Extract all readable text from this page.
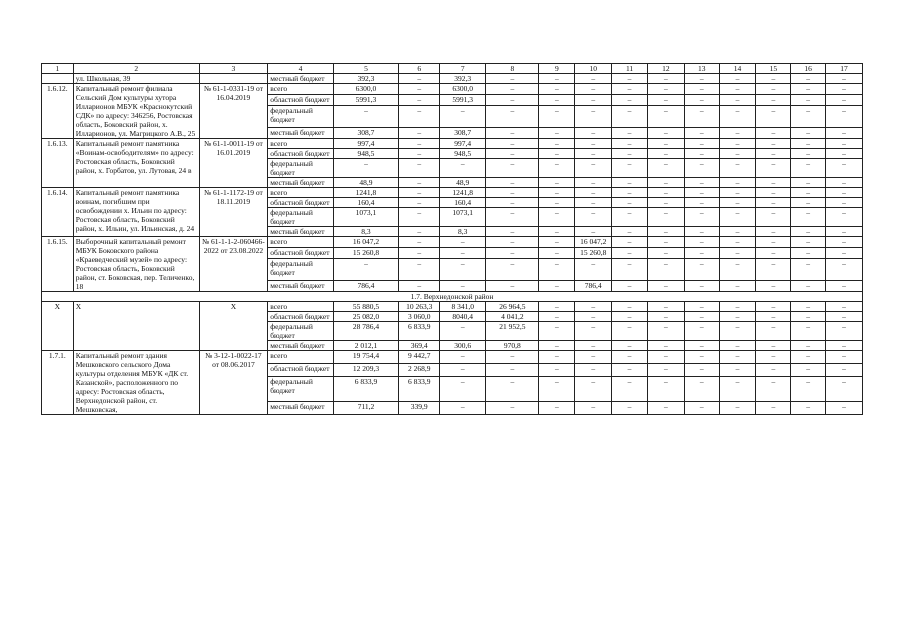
1	2	3	4	5	6	7	8	9	10	11	12	13	14	15	16	17
	ул. Школьная, 39		местный бюджет	392,3	–	392,3	–	–	–	–	–	–	–	–	–	–
1.6.12.	Капитальный ремонт филиала Сельский Дом культуры хутора Илларионов МБУК «Краснокутский СДК» по адресу: 346256, Ростовская область, Боковский район, х. Илларионов, ул. Магрицкого А.В., 25	№ 61-1-0331-19 от 16.04.2019	всего	6300,0	–	6300,0	–	–	–	–	–	–	–	–	–	–
			областной бюджет	5991,3	–	5991,3	–	–	–	–	–	–	–	–	–	–
			федеральный бюджет	–	–	–	–	–	–	–	–	–	–	–	–	–
			местный бюджет	308,7	–	308,7	–	–	–	–	–	–	–	–	–	–
1.6.13.	Капитальный ремонт памятника «Воинам-освободителям» по адресу: Ростовская область, Боковский район, х. Горбатов, ул. Лутовая, 24 в	№ 61-1-0011-19 от 16.01.2019	всего	997,4	–	997,4	–	–	–	–	–	–	–	–	–	–
			областной бюджет	948,5	–	948,5	–	–	–	–	–	–	–	–	–	–
			федеральный бюджет	–	–	–	–	–	–	–	–	–	–	–	–	–
			местный бюджет	48,9	–	48,9	–	–	–	–	–	–	–	–	–	–
1.6.14.	Капитальный ремонт памятника воинам, погибшим при освобождении х. Ильин по адресу: Ростовская область, Боковский район, х. Ильин, ул. Ильинская, д. 24	№ 61-1-1172-19 от 18.11.2019	всего	1241,8	–	1241,8	–	–	–	–	–	–	–	–	–	–
			областной бюджет	160,4	–	160,4	–	–	–	–	–	–	–	–	–	–
			федеральный бюджет	1073,1	–	1073,1	–	–	–	–	–	–	–	–	–	–
			местный бюджет	8,3	–	8,3	–	–	–	–	–	–	–	–	–	–
1.6.15.	Выборочный капитальный ремонт МБУК Боковского района «Краеведческий музей» по адресу: Ростовская область, Боковский район, ст. Боковская, пер. Теличенко, 18	№ 61-1-1-2-060466-2022 от 23.08.2022	всего	16 047,2	–	–	–	–	16 047,2	–	–	–	–	–	–	–
			областной бюджет	15 260,8	–	–	–	–	15 260,8	–	–	–	–	–	–	–
			федеральный бюджет	–	–	–	–	–	–	–	–	–	–	–	–	–
			местный бюджет	786,4	–	–	–	–	786,4	–	–	–	–	–	–	–
1.7. Верхнедонской район																
Х	Х	Х	всего	55 880,5	10 263,3	8 341,0	26 964,5	–	–	–	–	–	–	–	–	–
			областной бюджет	25 082,0	3 060,0	8040,4	4 041,2	–	–	–	–	–	–	–	–	–
			федеральный бюджет	28 786,4	6 833,9	–	21 952,5	–	–	–	–	–	–	–	–	–
			местный бюджет	2 012,1	369,4	300,6	970,8	–	–	–	–	–	–	–	–	–
1.7.1.	Капитальный ремонт здания Мешковского сельского Дома культуры отделения МБУК «ДК ст. Казанской», расположенного по адресу: Ростовская область, Верхнедонской район, ст. Мешковская,	№ 3-12-1-0022-17 от 08.06.2017	всего	19 754,4	9 442,7	–	–	–	–	–	–	–	–	–	–	–
			областной бюджет	12 209,3	2 268,9	–	–	–	–	–	–	–	–	–	–	–
			федеральный бюджет	6 833,9	6 833,9	–	–	–	–	–	–	–	–	–	–	–
			местный бюджет	711,2	339,9	–	–	–	–	–	–	–	–	–	–	–
